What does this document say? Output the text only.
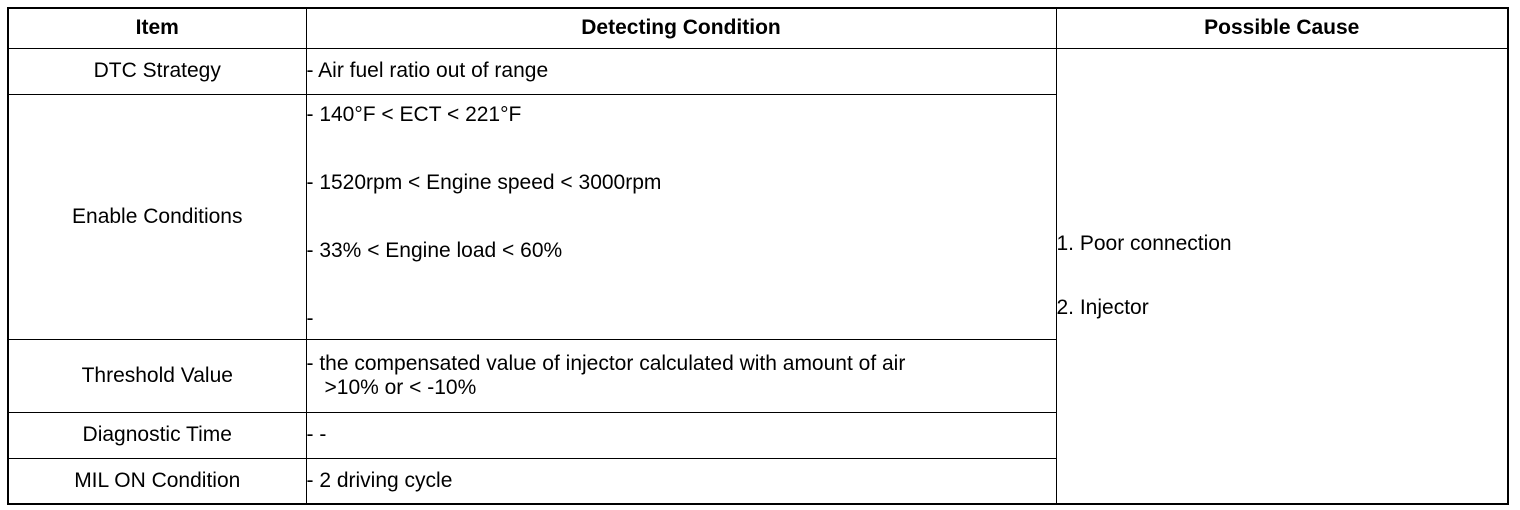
Item	Detecting Condition	Possible Cause
DTC Strategy	- Air fuel ratio out of range	1. Poor connection
2. Injector

Enable Conditions	- 140°F < ECT < 221°F
- 1520rpm < Engine speed < 3000rpm
- 33% < Engine load < 60%
-	

Threshold Value	- the compensated value of injector calculated with amount of air
>10% or < -10%	

Diagnostic Time	- -	
MIL ON Condition	- 2 driving cycle	
